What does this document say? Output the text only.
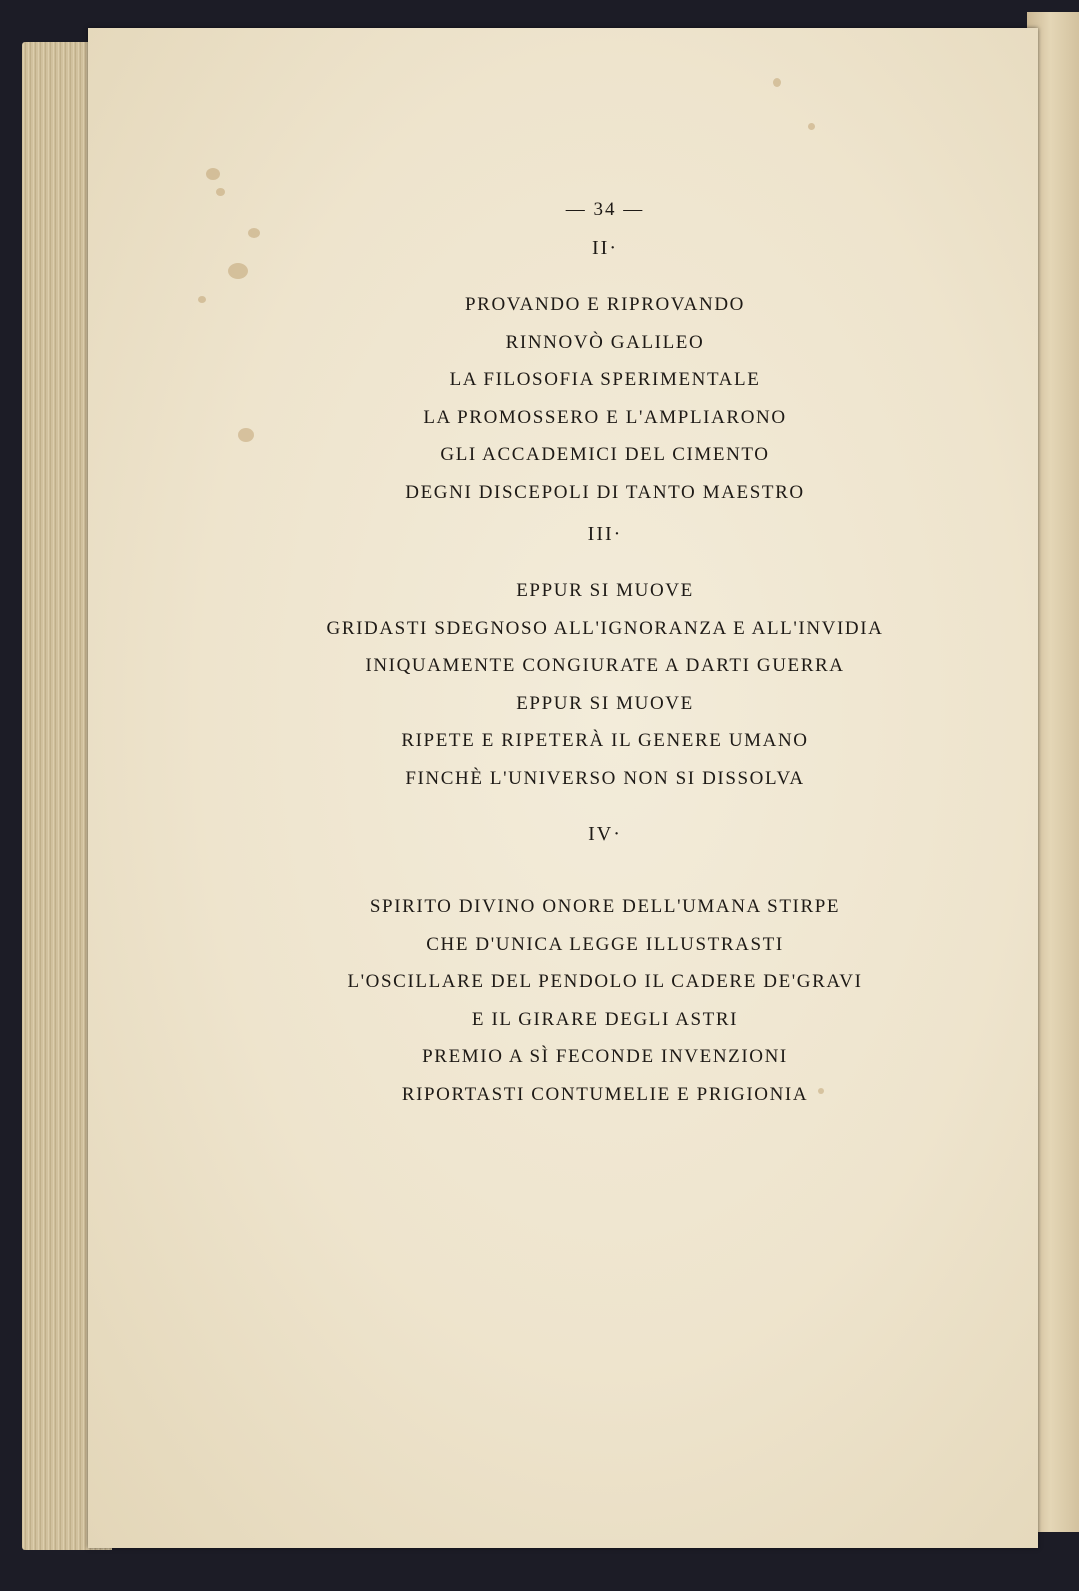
— 34 —
II·
PROVANDO E RIPROVANDO
RINNOVÒ GALILEO
LA FILOSOFIA SPERIMENTALE
LA PROMOSSERO E L'AMPLIARONO
GLI ACCADEMICI DEL CIMENTO
DEGNI DISCEPOLI DI TANTO MAESTRO
III·
EPPUR SI MUOVE
GRIDASTI SDEGNOSO ALL'IGNORANZA E ALL'INVIDIA
INIQUAMENTE CONGIURATE A DARTI GUERRA
EPPUR SI MUOVE
RIPETE E RIPETERÀ IL GENERE UMANO
FINCHÈ L'UNIVERSO NON SI DISSOLVA
IV·
SPIRITO DIVINO ONORE DELL'UMANA STIRPE
CHE D'UNICA LEGGE ILLUSTRASTI
L'OSCILLARE DEL PENDOLO IL CADERE DE'GRAVI
E IL GIRARE DEGLI ASTRI
PREMIO A SÌ FECONDE INVENZIONI
RIPORTASTI CONTUMELIE E PRIGIONIA
